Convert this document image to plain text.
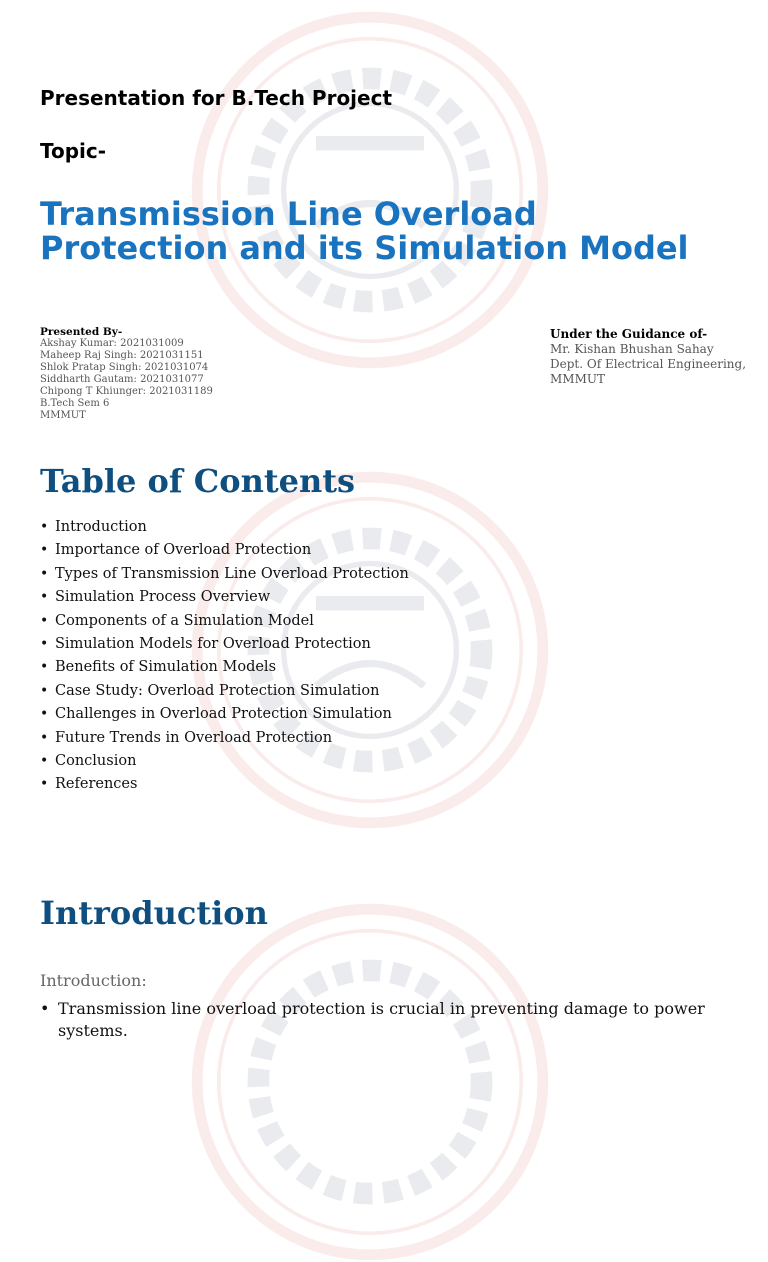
Presentation for B.Tech Project
Topic-
Transmission Line Overload
Protection and its Simulation Model
Presented By-
Akshay Kumar: 2021031009
Maheep Raj Singh: 2021031151
Shlok Pratap Singh: 2021031074
Siddharth Gautam: 2021031077
Chipong T Khiunger: 2021031189
B.Tech Sem 6
MMMUT
Under the Guidance of-
Mr. Kishan Bhushan Sahay
Dept. Of Electrical Engineering,
MMMUT
Table of Contents
• Introduction
• Importance of Overload Protection
• Types of Transmission Line Overload Protection
• Simulation Process Overview
• Components of a Simulation Model
• Simulation Models for Overload Protection
• Benefits of Simulation Models
• Case Study: Overload Protection Simulation
• Challenges in Overload Protection Simulation
• Future Trends in Overload Protection
• Conclusion
• References
Introduction

Introduction:

• Transmission line overload protection is crucial in preventing damage to power systems.
